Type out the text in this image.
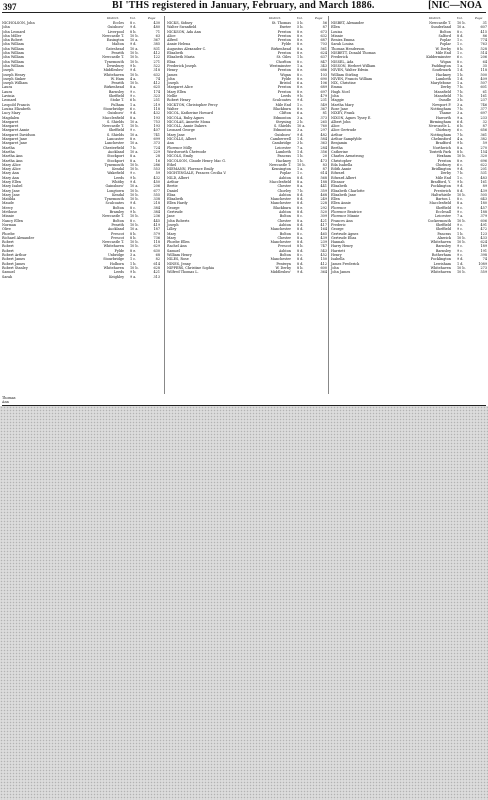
397	BI 'THS registered in January, February, and March 1886.	[NIC—NOA
District.	Vol.	Page
NICHOLSON, John	Eccles 8 c.	430
John	Guisboro' 9 d.	480
John Leonard	Liverpool 8 b.	71
John Miller	Newcastle T. 10 b.	63
John Robert	Easington 10 a.	367
John William	Malton 9 d.	385
John William	Gateshead 10 a.	831
John William	Penrith 10 b.	412
John William	Newcastle T. 10 b.	122
John William	Tynemouth 10 b.	271
John William	Dewsbury 9 b.	522
Joseph	Middlesbro' 9 d.	318
Joseph Henry	Whitehaven 10 b.	632
Joseph Sinker	W. Ham 4 a.	74
Joseph William	Penrith 10 b.	412
Laura	Birkenhead 8 a.	625
Laura	Barnsley 9 c.	174
Lavinia	Sheffield 9 c.	323
Leonard	Stoke T. 6 b.	251
Leopold Francis	Fulham 1 a.	219
Louisa Elizabeth	Stourbridge 6 c.	118
Lucy Mary	Guisboro' 9 d.	432
Magdalen	Macclesfield 8 a.	193
Margaret	S. Shields 10 a.	753
Margaret	Newcastle T. 10 b.	193
Margaret Annie	Sheffield 9 c.	407
Margaret Davidson	S. Shields 10 a.	741
Margaret Jane	Lancaster 8 e.	699
Margaret Jane	Lanchester 10 a.	373
Martha	Chesterfield 7 b.	724
Martha	Auckland 10 a.	229
Martha Ann	Stockport 8 a.	28
Martha Ann	Stockport 8 a.	16
Mary Alice	Tynemouth 10 b.	286
Mary Alice	Kendal 10 b.	553
Mary Ann	Wakefield 9 c.	59
Mary Ann	Leeds 9 b.	432
Mary Ellen	Whitby 9 d.	450
Mary Isabel	Gainsboro' 10 a.	206
Mary Jane	Longtown 10 b.	677
Mary Jane	Kendal 10 b.	555
Matilda	Tynemouth 10 b.	338
Maude	Sculcoates 9 d.	218
Mercy	Bolton 8 c.	384
Methuse	Bramley 9 b.	384
Minnie	Newcastle T. 10 b.	236
Nancy Ellen	Bolton 8 c.	445
Norman	Penrith 10 b.	419
Olive	Auckland 10 a.	187
Phoebe	Prescot 8 b.	579
Richard Alexander	Prescot 8 b.	736
Robert	Newcastle T. 10 b.	118
Robert	Whitehaven 10 b.	629
Robert	Fylde 8 e.	630
Robert Arthur	Uxbridge 3 a.	68
Robert James	Stourbridge 1 c.	82
Robert James	Holborn 1 b.	614
Robert Stanley	Whitehaven 10 b.	628
Samuel	Leeds 9 b.	421
Sarah	Keighley 9 a.	313
District.	Vol.	Page
NICKS, Sidney	St. Thomas 5 b.	56
Walter Swanfield	Exeter 5 b.	87
NICKSON, Ada Ann	Preston 8 e.	673
Alice	Preston 8 e.	632
Alfred	Preston 8 e.	687
Annie Helena	Fylde 8 e.	703
Augustus Alexander C.	Birkenhead 8 a.	561
Elizabeth	Preston 8 e.	624
Elizabeth Maria	St. Giles 1 b.	637
Eliza	Chorlton 8 c.	847
Frederick Joseph	Westminster 1 a.	343
Henry	Preston 8 e.	686
James	Wigan 8 c.	103
John	Fylde 8 e.	690
Joseph	Bristol 6 a.	106
Margaret Alice	Preston 8 e.	689
Mary Ellen	Preston 8 e.	697
Nellie	Leeds 9 b.	479
Robert Henry	Sculcoates 9 d.	231
NICKTON, Christopher Percy	Mile End 1 c.	549
Walter	Blackburn 8 e.	367
NICOL, Katherine Howard	Clifton 6 a.	81
NICOLA, Ruby Agnes	Edmonton 3 a.	373
NICOLAS, Annette Mona	Steyning 2 b.	265
NICOLL, Annie Dakers	S. Shields 10 a.	760
Leonard George	Edmonton 3 a.	297
Mary Jane	Guisboro' 9 d.	482
NICOLLS, Albert	Camberwell 1 d.	584
Ann	Cambridge 3 b.	363
Florence Milly	Leicester 7 a.	284
Wordsworth Chetwode	Lambeth 1 d.	356
NICOLS, Emily	Pancras 1 b.	20
NICOLSON, Claude Henry Mac G.	Hackney 1 b.	473
Ethel	Newcastle T. 10 b.	83
NIEMANN, Florence Emily	Kensington 1 a.	87
NIGHTINGALE, Frances Cecilia V.	Poplar 1 c.	614
NILD, Albert	Ashton 8 d.	568
Arthur	Macclesfield 8 a.	188
Bertie	Chester 8 a.	441
Daniel	Chorley 7 b.	359
Eliza	Ashton 8 d.	468
Elizabeth	Manchester 8 d.	249
Ellen Hardy	Manchester 8 d.	228
George	Blackburn 8 e.	292
Gertrude	Ashton 8 d.	520
Jane	Bolton 8 c.	309
John Roberts	Chester 8 a.	421
Joseph	Ashton 8 d.	417
Lilley	Manchester 8 d.	164
Mary	Bolton 8 c.	465
Mary	Chester 8 a.	439
Phoebe Ellen	Manchester 8 d.	239
Rachel Ann	Prescot 8 b.	747
Samuel	Ashton 8 d.	543
William Henry	Bolton 8 c.	452
NILES, Rose	Manchester 8 d.	150
NINES, Jenny	Pentwyn 8 d.	412
NIPPERS, Christine Sophia	W. Derby 8 b.	600
Wilfred Thomas L.	Middlesbro' 9 d.	364
District.	Vol.	Page
NISBET, Alexander	Newcastle T. 10 b.	31
Ellen	Sunderland 10 a.	607
Louisa	Bolton 8 c.	415
Minnie	Salford 8 d.	86
Renira Emma	Poplar 1 c.	774
Sarah Louisa	Poplar 1 c.	763
Thomas Henderson	W. Derby 8 b.	528
NISBETT, Donald Thomas	Mile End 1 c.	514
Frederick	Kidderminster 6 c.	206
NISSEL, Ada	Wigan 8 c.	64
NISSON, Herbert William	Paddington 1 a.	35
NIVEN, Walter Edwin	Southwark 1 d.	118
William Stirling	Hackney 1 b.	500
NIVEN, Francis William	Lambeth 1 d.	409
NIX, Christine	Marylebone 1 a.	507
Emma	Derby 7 b.	601
Hugh Noel	Mansfield 7 b.	61
John	Mansfield 7 b.	161
Maggie	Oundle 3 b.	237
Martha Mary	Newport P. 3 a.	746
Rose Jane	Nottingham 7 b.	377
NIXEY, Frank	Thame 3 a.	697
NIXON, Agnes Tysey E.	Haworth 9 a.	233
Albert John	Birmingham 6 d.	32
Alice	Newcastle L. 6 b.	87
Alice Gertrude	Chirbury 6 c.	656
Arthur	Nottingham 7 b.	361
Arthur Sampfylde	Chelmsford 4 a.	382
Benjamin	Bradford 9 b.	59
Bertha	Northwich 8 a.	270
Catherine	Toxteth Park 8 b.	154
Charles Armstrong	Hexham 10 b.	320
Christopher	Preston 8 e.	696
Eda Isabella	Chirbury 6 c.	622
Edith Annie	Bridlington 9 d.	201
Edward	Derby 7 b.	531
Edward Albert	Mile End 1 c.	483
Eleanor	Bradford, Y. 9 b.	161
Elizabeth	Pocklington 9 d.	89
Elizabeth Charlotte	Prestwich 8 d.	439
Elizabeth Jane	Haltwhistle 10 b.	505
Ellen	Barton I. 8 c.	643
Ellen Annie	Macclesfield 8 a.	180
Florence	Sheffield 9 c.	457
Florence Beatrice	Ecclesall 9 c.	188
Florence Minnie	Leicester 7 a.	379
Frances Ann	Cockermouth 10 b.	606
Frederic	Sheffield 9 c.	491
George	Sheffield 9 c.	472
Gertrude Agnes	Pancras 1 b.	123
Gertrude Eliza	Alnwick 10 b.	433
Hannah	Whitehaven 10 b.	624
Harry Henry	Barnsley 9 c.	189
Harriett	Barnsley 9 c.	191
Henry	Rotherham 9 c.	398
Isabella	Pocklington 9 d.	74
James Frederick	Lewisham 1 d.	1089
John	Whitehaven 10 b.	273
John James	Whitehaven 10 b.	559
Thomas
Ann
